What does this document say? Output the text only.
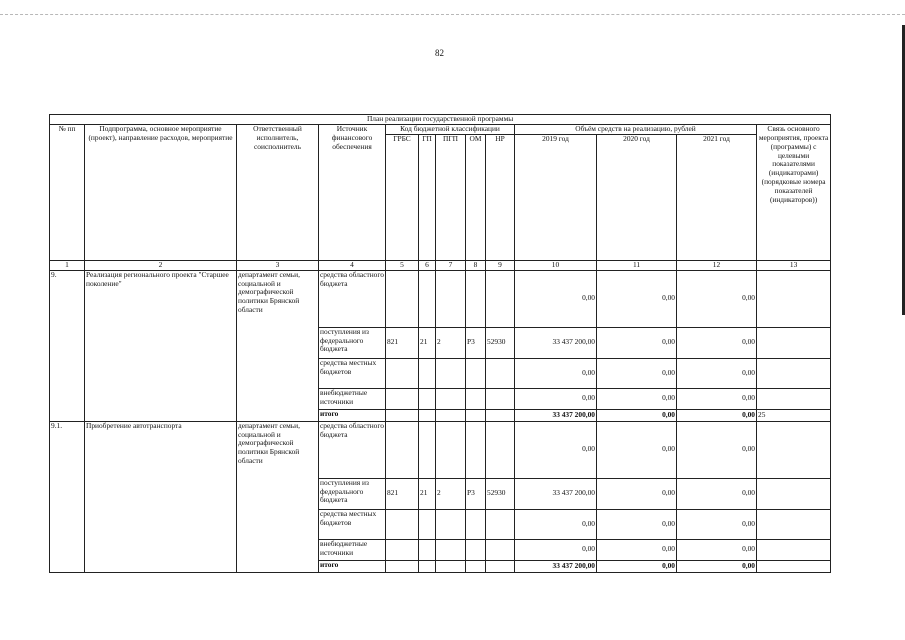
82
План реализации государственной программы												
№ пп	Подпрограмма, основное мероприятие (проект), направление расходов, мероприятие	Ответственный исполнитель, соисполнитель	Источник финансового обеспечения	Код бюджетной классификации					Объём средств на реализацию, рублей			Связь основного мероприятия, проекта (программы) с целевыми показателями (индикаторами) (порядковые номера показателей (индикаторов))
				ГРБС	ГП	ПГП	ОМ	НР	2019 год	2020 год	2021 год	
1	2	3	4	5	6	7	8	9	10	11	12	13
9.	Реализация регионального проекта "Старшее поколение"	департамент семьи, социальной и демографической политики Брянской области	средства областного бюджета						0,00	0,00	0,00	
			поступления из федерального бюджета	821	21	2	P3	52930	33 437 200,00	0,00	0,00	
			средства местных бюджетов						0,00	0,00	0,00	
			внебюджетные источники						0,00	0,00	0,00	
			итого						33 437 200,00	0,00	0,00	25
9.1.	Приобретение автотранспорта	департамент семьи, социальной и демографической политики Брянской области	средства областного бюджета						0,00	0,00	0,00	
			поступления из федерального бюджета	821	21	2	P3	52930	33 437 200,00	0,00	0,00	
			средства местных бюджетов						0,00	0,00	0,00	
			внебюджетные источники						0,00	0,00	0,00	
			итого						33 437 200,00	0,00	0,00	
